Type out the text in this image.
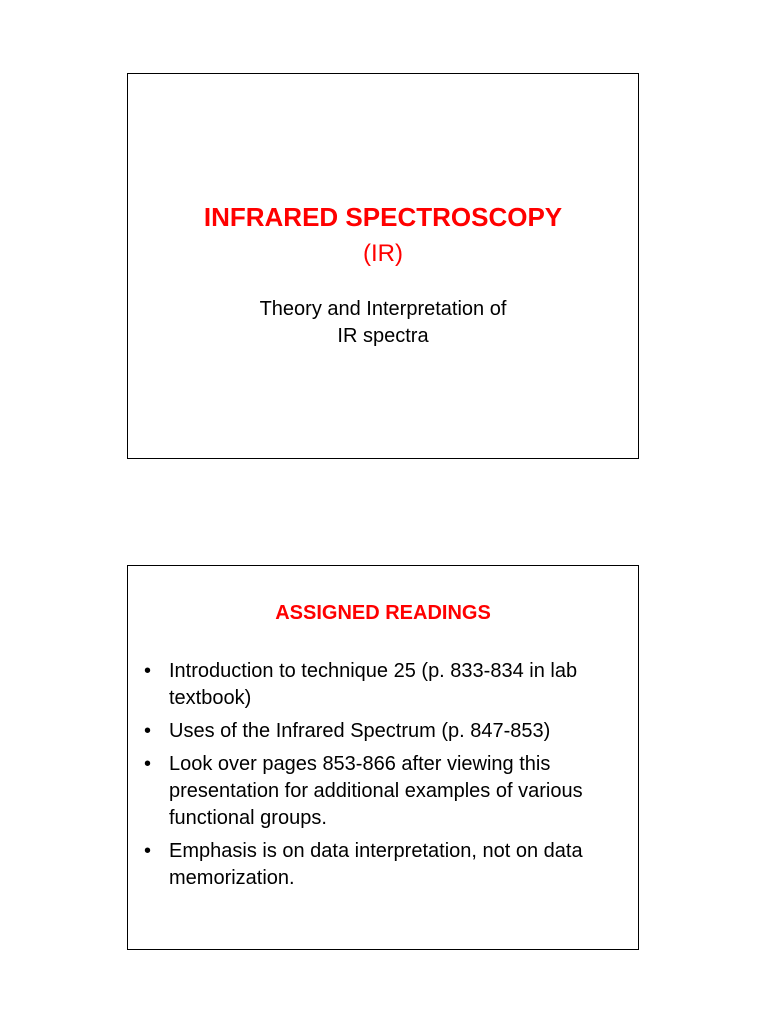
INFRARED SPECTROSCOPY
(IR)
Theory and Interpretation of
IR spectra
ASSIGNED READINGS
• Introduction to technique 25 (p. 833-834 in lab textbook)
• Uses of the Infrared Spectrum (p. 847-853)
• Look over pages 853-866 after viewing this presentation for additional examples of various functional groups.
• Emphasis is on data interpretation, not on data memorization.
